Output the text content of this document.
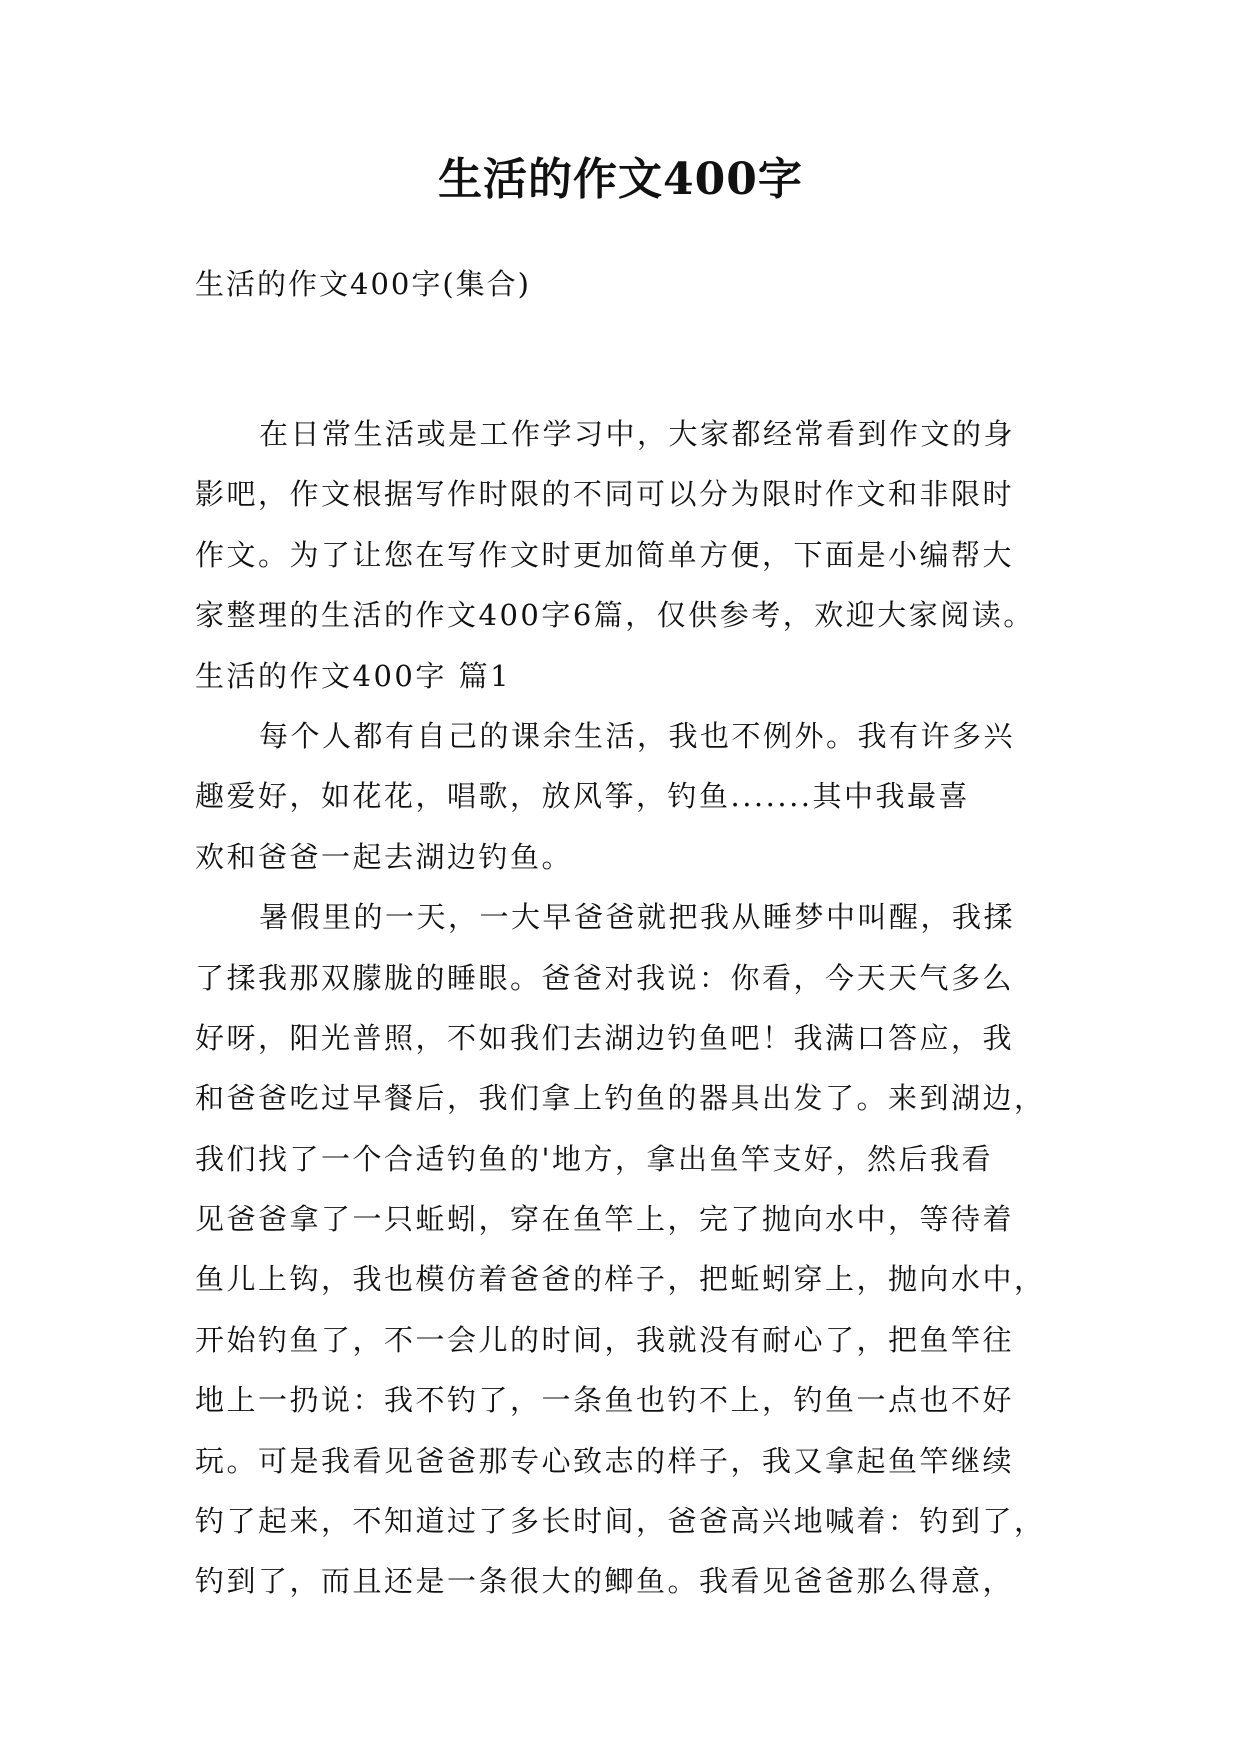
生活的作文400字
生活的作文400字(集合)
在日常生活或是工作学习中，大家都经常看到作文的身
影吧，作文根据写作时限的不同可以分为限时作文和非限时
作文。为了让您在写作文时更加简单方便，下面是小编帮大
家整理的生活的作文400字6篇，仅供参考，欢迎大家阅读。
生活的作文400字 篇1
每个人都有自己的课余生活，我也不例外。我有许多兴
趣爱好，如花花，唱歌，放风筝，钓鱼.......其中我最喜
欢和爸爸一起去湖边钓鱼。
暑假里的一天，一大早爸爸就把我从睡梦中叫醒，我揉
了揉我那双朦胧的睡眼。爸爸对我说：你看，今天天气多么
好呀，阳光普照，不如我们去湖边钓鱼吧！我满口答应，我
和爸爸吃过早餐后，我们拿上钓鱼的器具出发了。来到湖边，
我们找了一个合适钓鱼的'地方，拿出鱼竿支好，然后我看
见爸爸拿了一只蚯蚓，穿在鱼竿上，完了抛向水中，等待着
鱼儿上钩，我也模仿着爸爸的样子，把蚯蚓穿上，抛向水中，
开始钓鱼了，不一会儿的时间，我就没有耐心了，把鱼竿往
地上一扔说：我不钓了，一条鱼也钓不上，钓鱼一点也不好
玩。可是我看见爸爸那专心致志的样子，我又拿起鱼竿继续
钓了起来，不知道过了多长时间，爸爸高兴地喊着：钓到了，
钓到了，而且还是一条很大的鲫鱼。我看见爸爸那么得意，
